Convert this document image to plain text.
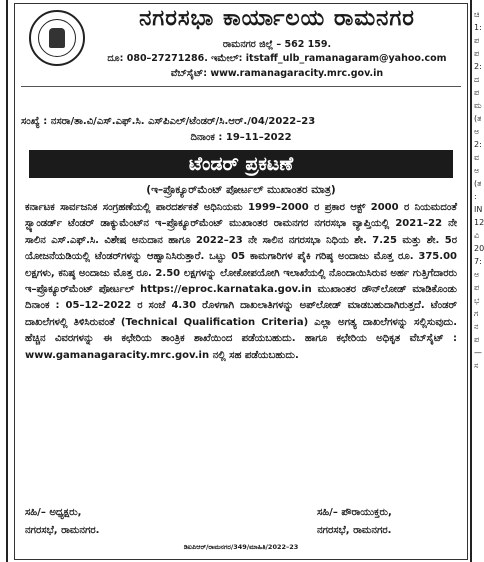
ಚಿ
1:
ಪ
ಪ
2:
ದ
ಪ
ಮ
(ತ
ಅ
2:
ವ
ಅ
(ತ
:
IN
12
ವಿ
20
7:
ಅ
ಪ
ಭ
ಗ
ನ
ಪ
—
ಸ
ನಗರಸಭಾ ಕಾರ್ಯಾಲಯ ರಾಮನಗರ
ರಾಮನಗರ ಜಿಲ್ಲೆ – 562 159.
ದೂ: 080–27271286. ಇಮೇಲ್: itstaff_ulb_ramanagaram@yahoo.com
ವೆಬ್‌ಸೈಟ್: www.ramanagaracity.mrc.gov.in
ಸಂಖ್ಯೆ : ನಸರಾ/ತಾ.ವಿ/ಎಸ್.ಎಫ್.ಸಿ. ಎಸ್‌ಪಿಎಲ್/ಟೆಂಡರ್/ಸಿ.ಆರ್./04/2022–23
ದಿನಾಂಕ : 19–11–2022
ಟೆಂಡರ್ ಪ್ರಕಟಣೆ
(ಇ–ಪ್ರೊಕ್ಯೂರ್‌ಮೆಂಟ್ ಪೋರ್ಟಲ್ ಮುಖಾಂತರ ಮಾತ್ರ)
ಕರ್ನಾಟಕ ಸಾರ್ವಜನಿಕ ಸಂಗ್ರಹಣೆಯಲ್ಲಿ ಪಾರದರ್ಶಕತೆ ಅಧಿನಿಯಮ 1999–2000 ರ ಪ್ರಕಾರ ಆಕ್ಟ್ 2000 ರ ನಿಯಮದಂತೆ ಸ್ಟ್ಯಾಂಡರ್ಡ್ ಟೆಂಡರ್ ಡಾಕ್ಯುಮೆಂಟ್‌ನ ಇ–ಪ್ರೊಕ್ಯೂರ್‌ಮೆಂಟ್ ಮುಖಾಂತರ ರಾಮನಗರ ನಗರಸಭಾ ವ್ಯಾಪ್ತಿಯಲ್ಲಿ 2021–22 ನೇ ಸಾಲಿನ ಎಸ್.ಎಫ್.ಸಿ. ವಿಶೇಷ ಅನುದಾನ ಹಾಗೂ 2022–23 ನೇ ಸಾಲಿನ ನಗರಸಭಾ ನಿಧಿಯ ಶೇ. 7.25 ಮತ್ತು ಶೇ. 5ರ ಯೋಜನೆಯಡಿಯಲ್ಲಿ ಟೆಂಡರ್‌ಗಳನ್ನು ಆಹ್ವಾನಿಸಿರುತ್ತಾರೆ. ಒಟ್ಟು 05 ಕಾಮಗಾರಿಗಳ ಪೈಕಿ ಗರಿಷ್ಠ ಅಂದಾಜು ಮೊತ್ತ ರೂ. 375.00 ಲಕ್ಷಗಳು, ಕನಿಷ್ಠ ಅಂದಾಜು ಮೊತ್ತ ರೂ. 2.50 ಲಕ್ಷಗಳನ್ನು ಲೋಕೋಪಯೋಗಿ ಇಲಾಖೆಯಲ್ಲಿ ನೊಂದಾಯಿಸಿರುವ ಅರ್ಹ ಗುತ್ತಿಗೆದಾರರು ಇ–ಪ್ರೊಕ್ಯೂರ್‌ಮೆಂಟ್ ಪೋರ್ಟಲ್ https://eproc.karnataka.gov.in ಮುಖಾಂತರ ಡೌನ್‌ಲೋಡ್ ಮಾಡಿಕೊಂಡು ದಿನಾಂಕ : 05–12–2022 ರ ಸಂಜೆ 4.30 ರೊಳಗಾಗಿ ದಾಖಲಾತಿಗಳನ್ನು ಅಪ್‌ಲೋಡ್ ಮಾಡಬಹುದಾಗಿರುತ್ತದೆ. ಟೆಂಡರ್ ದಾಖಲೆಗಳಲ್ಲಿ ತಿಳಿಸಿರುವಂತೆ (Technical Qualification Criteria) ಎಲ್ಲಾ ಅಗತ್ಯ ದಾಖಲೆಗಳನ್ನು ಸಲ್ಲಿಸುವುದು. ಹೆಚ್ಚಿನ ವಿವರಗಳನ್ನು ಈ ಕಛೇರಿಯ ತಾಂತ್ರಿಕ ಶಾಖೆಯಿಂದ ಪಡೆಯಬಹುದು. ಹಾಗೂ ಕಛೇರಿಯ ಅಧಿಕೃತ ವೆಬ್‌ಸೈಟ್ : www.gamanagaracity.mrc.gov.in ನಲ್ಲಿ ಸಹ ಪಡೆಯಬಹುದು.
ಸಹಿ/– ಅಧ್ಯಕ್ಷರು,
ನಗರಸಭೆ, ರಾಮನಗರ.
ಸಹಿ/– ಪೌರಾಯುಕ್ತರು,
ನಗರಸಭೆ, ರಾಮನಗರ.
ಡಿಐಪಿಆರ್/ರಾಮನಗರ/349/ಮಾಹಿತಿ/2022–23
